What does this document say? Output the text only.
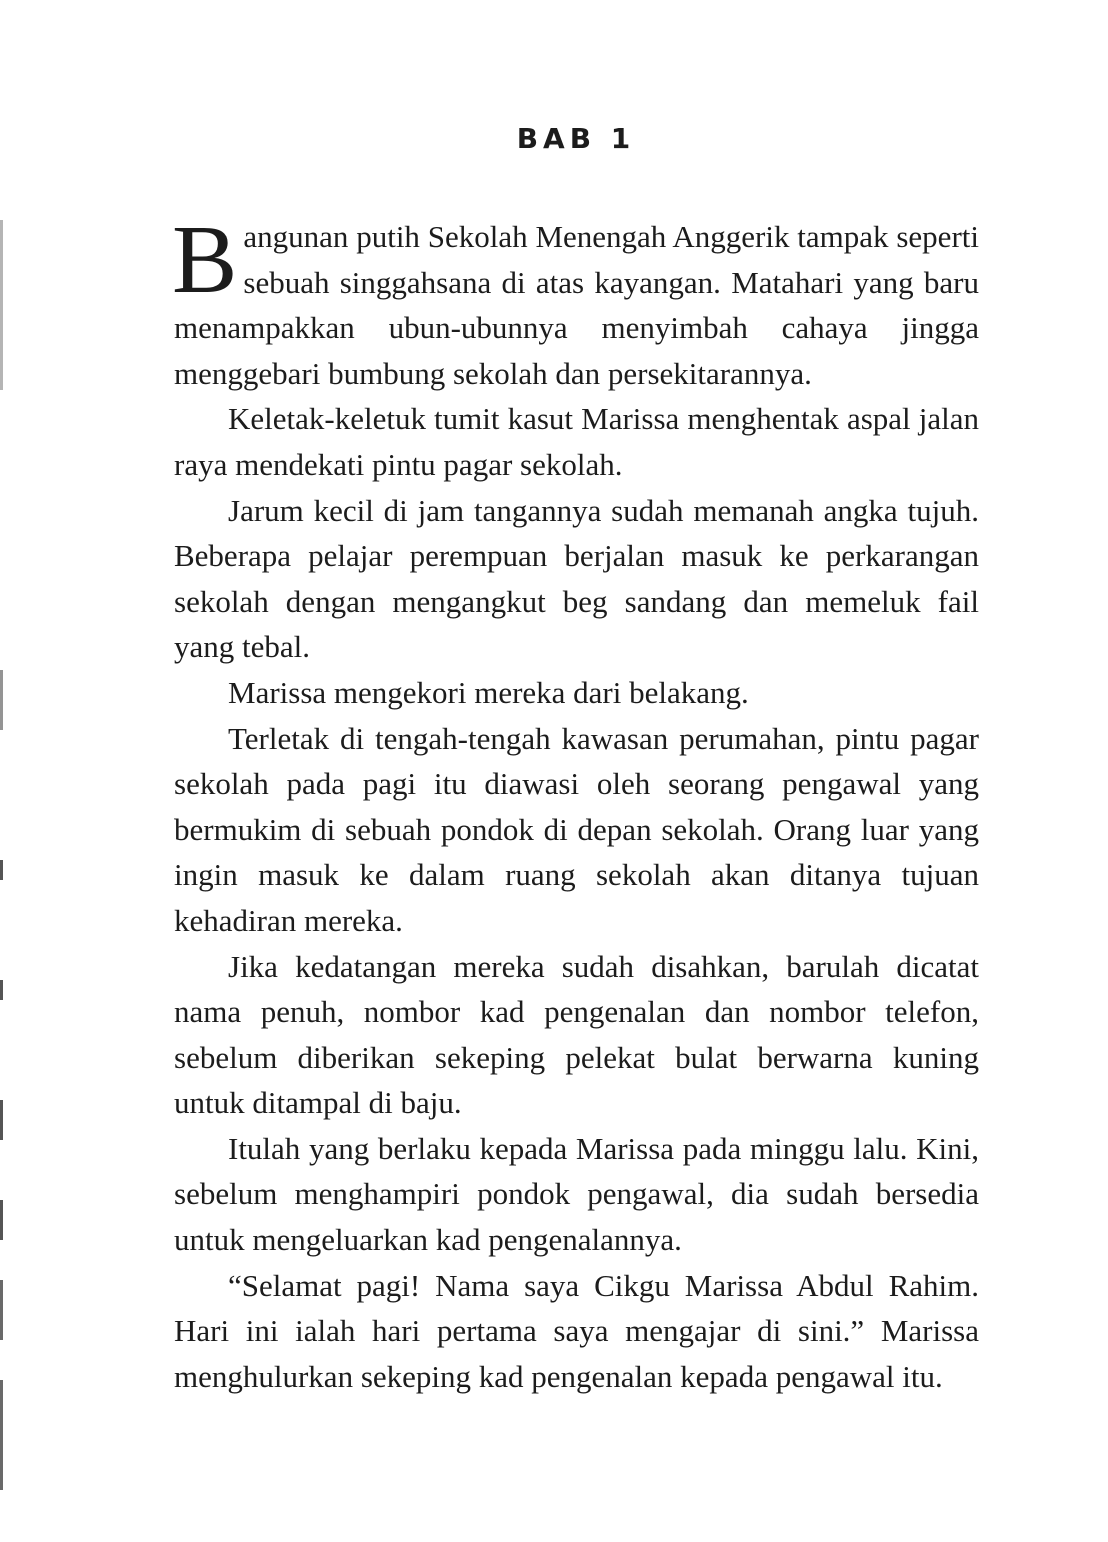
BAB 1

Bangunan putih Sekolah Menengah Anggerik tampak seperti sebuah singgahsana di atas kayangan. Matahari yang baru menampakkan ubun-ubunnya menyimbah cahaya jingga menggebari bumbung sekolah dan persekitarannya.

Keletak-keletuk tumit kasut Marissa menghentak aspal jalan raya mendekati pintu pagar sekolah.

Jarum kecil di jam tangannya sudah memanah angka tujuh. Beberapa pelajar perempuan berjalan masuk ke perkarangan sekolah dengan mengangkut beg sandang dan memeluk fail yang tebal.

Marissa mengekori mereka dari belakang.

Terletak di tengah-tengah kawasan perumahan, pintu pagar sekolah pada pagi itu diawasi oleh seorang pengawal yang bermukim di sebuah pondok di depan sekolah. Orang luar yang ingin masuk ke dalam ruang sekolah akan ditanya tujuan kehadiran mereka.

Jika kedatangan mereka sudah disahkan, barulah dicatat nama penuh, nombor kad pengenalan dan nombor telefon, sebelum diberikan sekeping pelekat bulat berwarna kuning untuk ditampal di baju.

Itulah yang berlaku kepada Marissa pada minggu lalu. Kini, sebelum menghampiri pondok pengawal, dia sudah bersedia untuk mengeluarkan kad pengenalannya.

“Selamat pagi! Nama saya Cikgu Marissa Abdul Rahim. Hari ini ialah hari pertama saya mengajar di sini.” Marissa menghulurkan sekeping kad pengenalan kepada pengawal itu.
